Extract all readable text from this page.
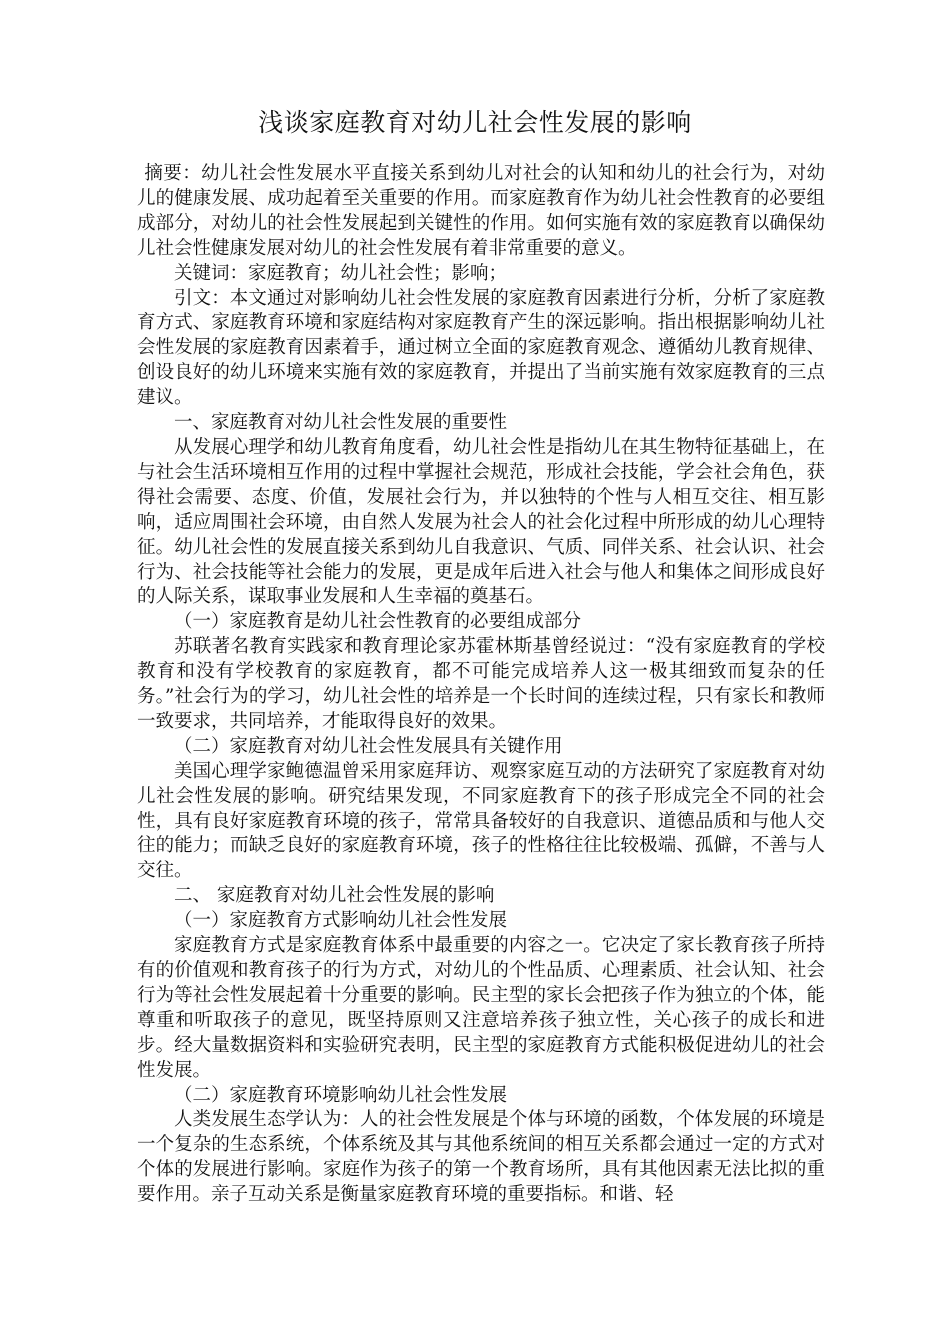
浅谈家庭教育对幼儿社会性发展的影响

摘要：幼儿社会性发展水平直接关系到幼儿对社会的认知和幼儿的社会行为，对幼儿的健康发展、成功起着至关重要的作用。而家庭教育作为幼儿社会性教育的必要组成部分，对幼儿的社会性发展起到关键性的作用。如何实施有效的家庭教育以确保幼儿社会性健康发展对幼儿的社会性发展有着非常重要的意义。

关键词：家庭教育；幼儿社会性；影响；

引文：本文通过对影响幼儿社会性发展的家庭教育因素进行分析，分析了家庭教育方式、家庭教育环境和家庭结构对家庭教育产生的深远影响。指出根据影响幼儿社会性发展的家庭教育因素着手，通过树立全面的家庭教育观念、遵循幼儿教育规律、创设良好的幼儿环境来实施有效的家庭教育，并提出了当前实施有效家庭教育的三点建议。

一、家庭教育对幼儿社会性发展的重要性

从发展心理学和幼儿教育角度看，幼儿社会性是指幼儿在其生物特征基础上，在与社会生活环境相互作用的过程中掌握社会规范，形成社会技能，学会社会角色，获得社会需要、态度、价值，发展社会行为，并以独特的个性与人相互交往、相互影响，适应周围社会环境，由自然人发展为社会人的社会化过程中所形成的幼儿心理特征。幼儿社会性的发展直接关系到幼儿自我意识、气质、同伴关系、社会认识、社会行为、社会技能等社会能力的发展，更是成年后进入社会与他人和集体之间形成良好的人际关系，谋取事业发展和人生幸福的奠基石。

（一）家庭教育是幼儿社会性教育的必要组成部分

苏联著名教育实践家和教育理论家苏霍林斯基曾经说过：“没有家庭教育的学校教育和没有学校教育的家庭教育，都不可能完成培养人这一极其细致而复杂的任务。”社会行为的学习，幼儿社会性的培养是一个长时间的连续过程，只有家长和教师一致要求，共同培养，才能取得良好的效果。

（二）家庭教育对幼儿社会性发展具有关键作用

美国心理学家鲍德温曾采用家庭拜访、观察家庭互动的方法研究了家庭教育对幼儿社会性发展的影响。研究结果发现，不同家庭教育下的孩子形成完全不同的社会性，具有良好家庭教育环境的孩子，常常具备较好的自我意识、道德品质和与他人交往的能力；而缺乏良好的家庭教育环境，孩子的性格往往比较极端、孤僻，不善与人交往。

二、 家庭教育对幼儿社会性发展的影响

（一）家庭教育方式影响幼儿社会性发展

家庭教育方式是家庭教育体系中最重要的内容之一。它决定了家长教育孩子所持有的价值观和教育孩子的行为方式，对幼儿的个性品质、心理素质、社会认知、社会行为等社会性发展起着十分重要的影响。民主型的家长会把孩子作为独立的个体，能尊重和听取孩子的意见，既坚持原则又注意培养孩子独立性，关心孩子的成长和进步。经大量数据资料和实验研究表明，民主型的家庭教育方式能积极促进幼儿的社会性发展。

（二）家庭教育环境影响幼儿社会性发展

人类发展生态学认为：人的社会性发展是个体与环境的函数，个体发展的环境是一个复杂的生态系统，个体系统及其与其他系统间的相互关系都会通过一定的方式对个体的发展进行影响。家庭作为孩子的第一个教育场所，具有其他因素无法比拟的重要作用。亲子互动关系是衡量家庭教育环境的重要指标。和谐、轻
